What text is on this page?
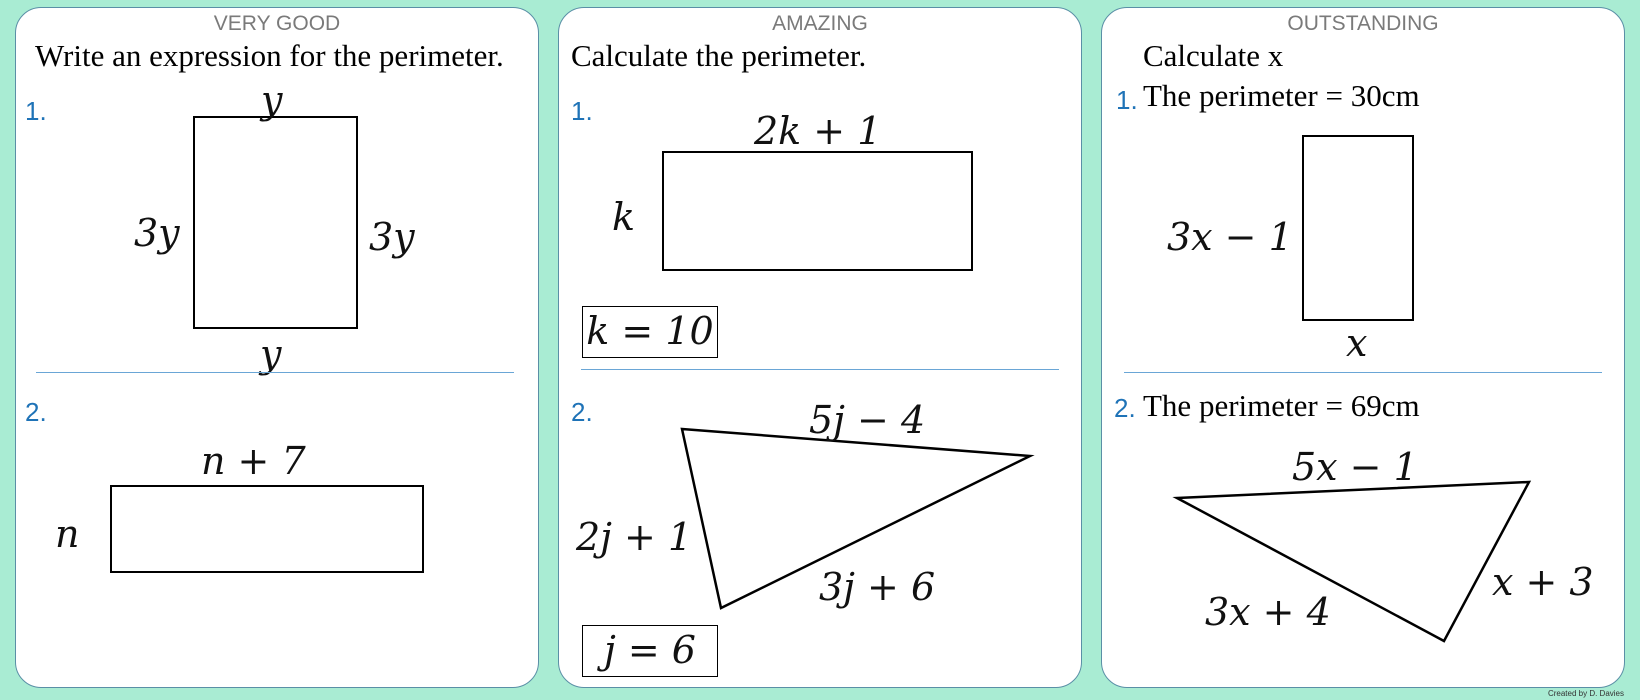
VERY GOOD
Write an expression for the perimeter.
1.	y
3y	3y
y
2.
n + 7
n
AMAZING
Calculate the perimeter.
1.	2k + 1
k
k = 10
2.	5j − 4
2j + 1
3j + 6
j = 6
OUTSTANDING
Calculate x
1. The perimeter = 30cm
3x − 1
x
2. The perimeter = 69cm
5x − 1
x + 3
3x + 4
Created by D. Davies
